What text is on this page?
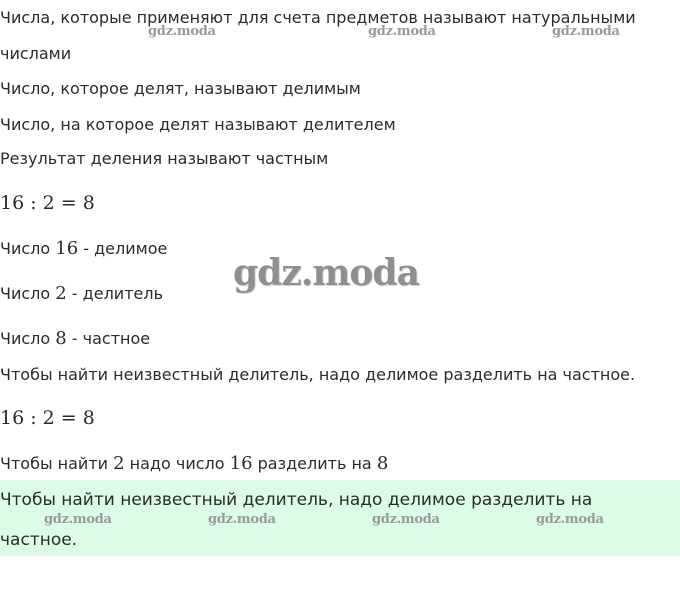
Числа, которые применяют для счета предметов называют натуральными
числами
Число, которое делят, называют делимым
Число, на которое делят называют делителем
Результат деления называют частным
16 : 2 = 8
Число 16 - делимое
Число 2 - делитель
Число 8 - частное
Чтобы найти неизвестный делитель, надо делимое разделить на частное.
16 : 2 = 8
Чтобы найти 2 надо число 16 разделить на 8
Чтобы найти неизвестный делитель, надо делимое разделить на частное.
gdz.moda	gdz.moda	gdz.moda
gdz.moda
gdz.moda	gdz.moda	gdz.moda	gdz.moda
